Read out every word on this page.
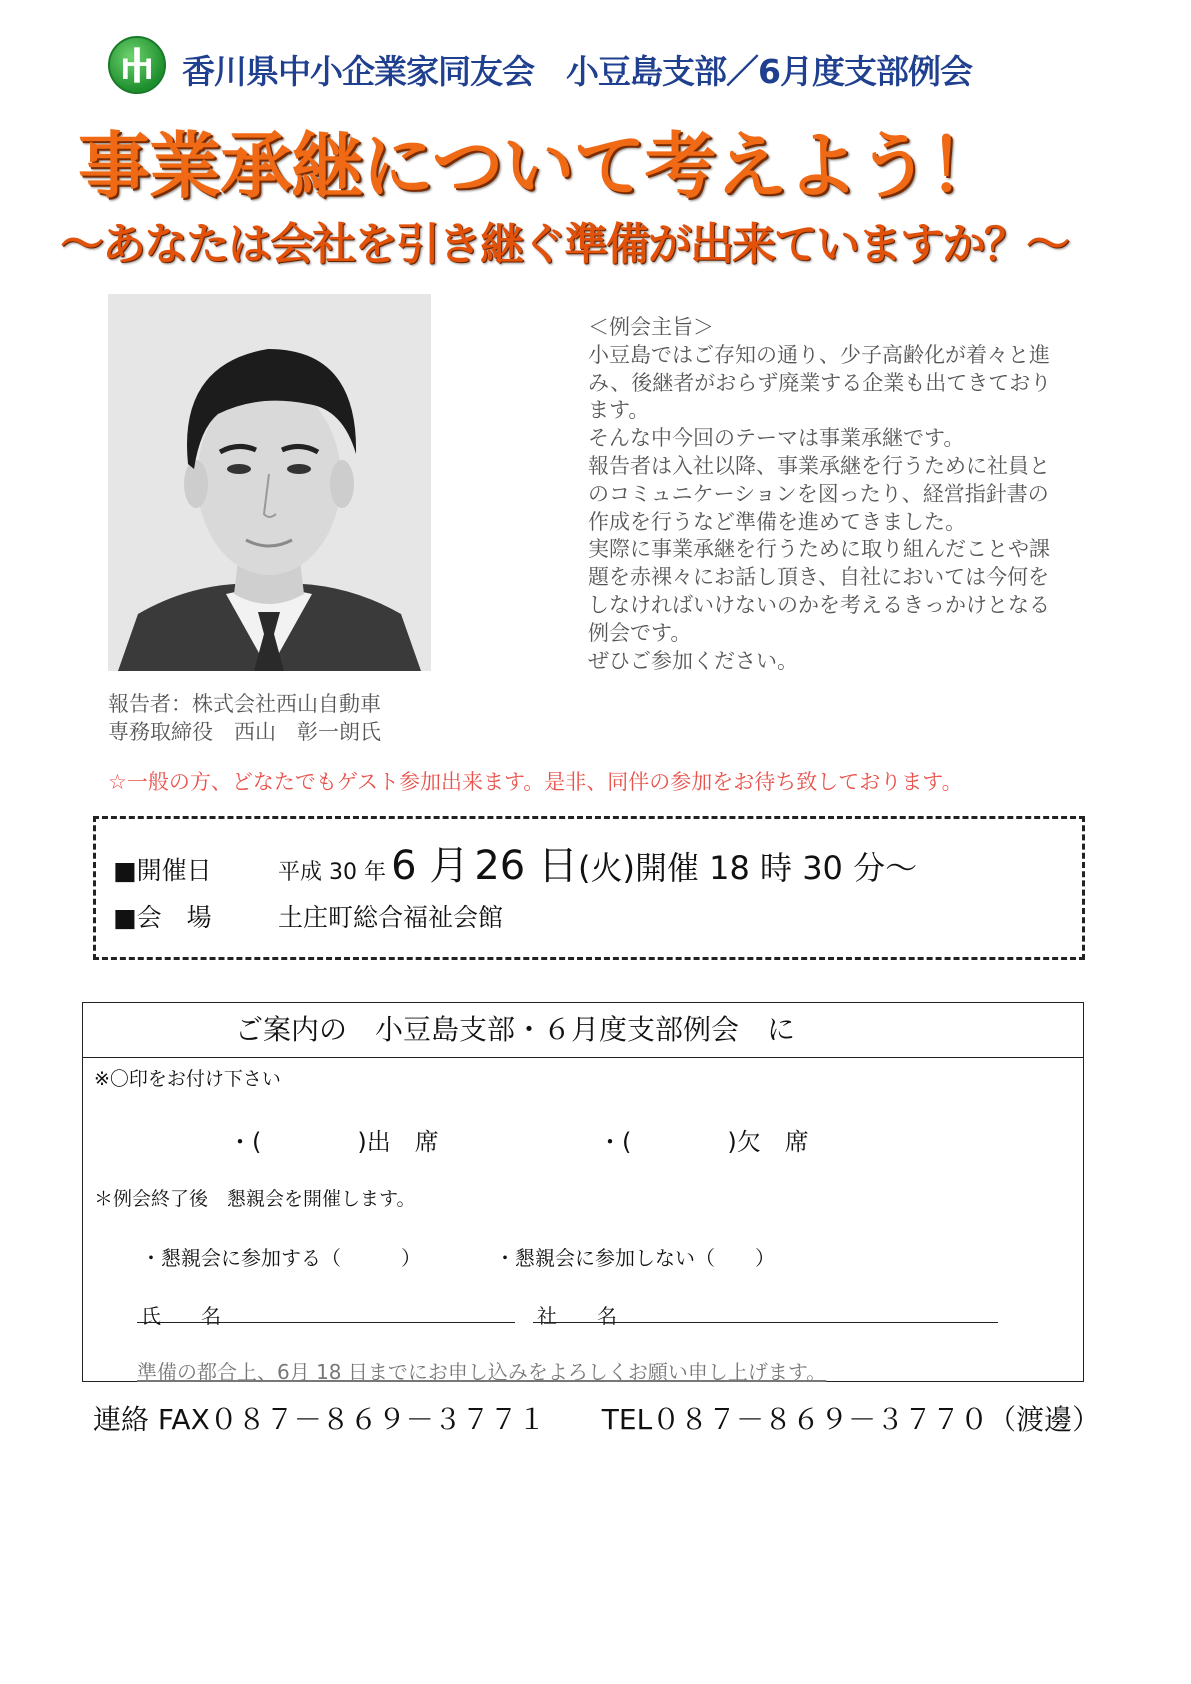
香川県中小企業家同友会　小豆島支部／6月度支部例会
事業承継について考えよう！
～あなたは会社を引き継ぐ準備が出来ていますか？～
報告者：株式会社西山自動車
専務取締役　西山　彰一朗氏

＜例会主旨＞

小豆島ではご存知の通り、少子高齢化が着々と進み、後継者がおらず廃業する企業も出てきております。

そんな中今回のテーマは事業承継です。

報告者は入社以降、事業承継を行うために社員とのコミュニケーションを図ったり、経営指針書の作成を行うなど準備を進めてきました。

実際に事業承継を行うために取り組んだことや課題を赤裸々にお話し頂き、自社においては今何をしなければいけないのかを考えるきっかけとなる例会です。

ぜひご参加ください。

☆一般の方、どなたでもゲスト参加出来ます。是非、同伴の参加をお待ち致しております。
■開催日	平成 30 年 6 月 26 日(火)開催 18 時 30 分～
■会　場	土庄町総合福祉会館
ご案内の　小豆島支部・６月度支部例会　に
※〇印をお付け下さい
・(　　　　)出　席	・(　　　　)欠　席
＊例会終了後　懇親会を開催します。
・懇親会に参加する（　　　）	・懇親会に参加しない（　　）
氏　　名	社　　名
準備の都合上、6月 18 日までにお申し込みをよろしくお願い申し上げます。
連絡 FAX０８７－８６９－３７７１　　TEL０８７－８６９－３７７０（渡邊）
